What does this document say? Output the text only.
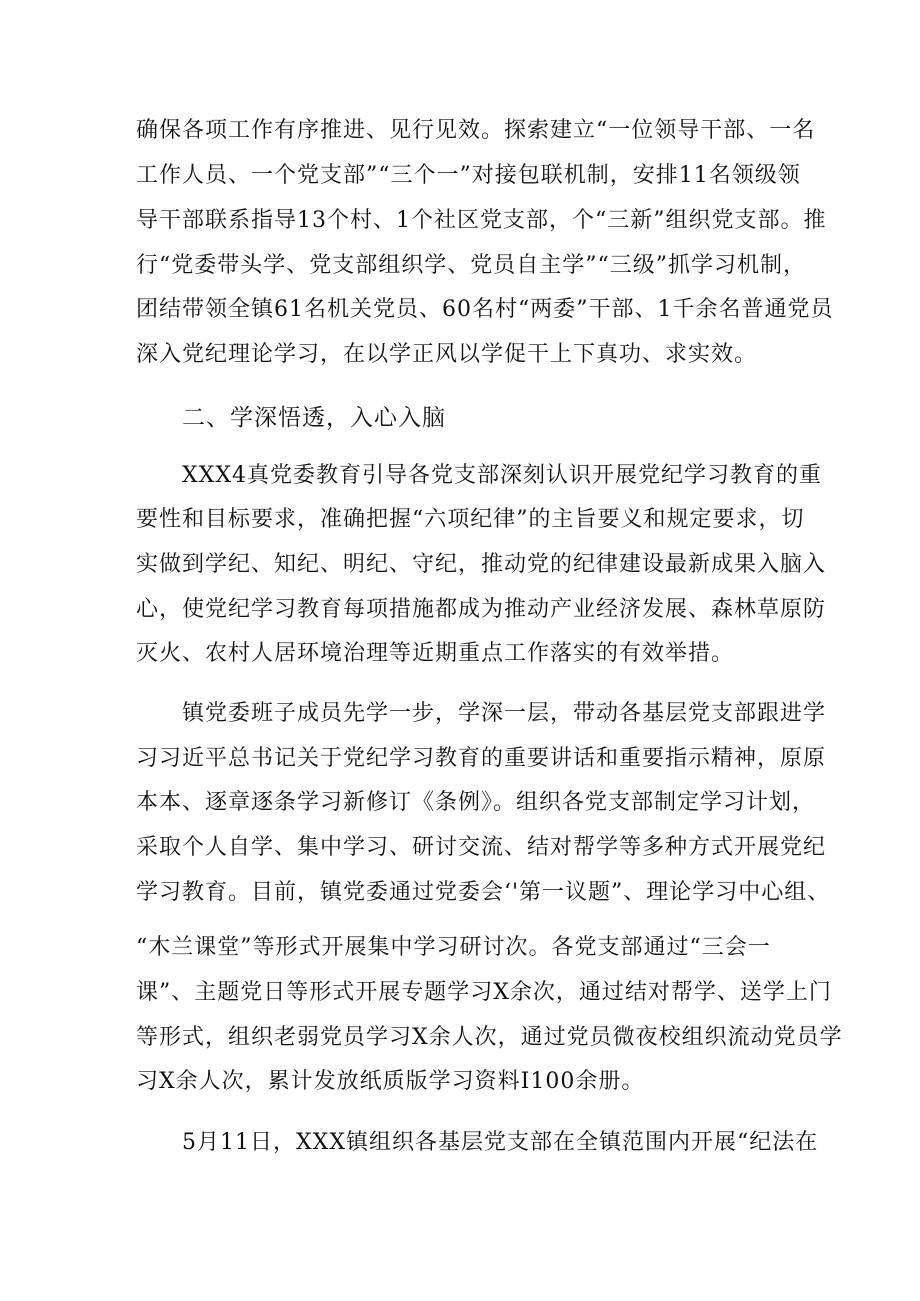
确保各项工作有序推进、见行见效。探索建立“一位领导干部、一名
工作人员、一个党支部”“三个一”对接包联机制，安排11名领级领
导干部联系指导13个村、1个社区党支部，个“三新”组织党支部。推
行“党委带头学、党支部组织学、党员自主学”“三级”抓学习机制，
团结带领全镇61名机关党员、60名村“两委”干部、1千余名普通党员
深入党纪理论学习，在以学正风以学促干上下真功、求实效。
二、学深悟透，入心入脑
XXX4真党委教育引导各党支部深刻认识开展党纪学习教育的重
要性和目标要求，准确把握“六项纪律”的主旨要义和规定要求，切
实做到学纪、知纪、明纪、守纪，推动党的纪律建设最新成果入脑入
心，使党纪学习教育每项措施都成为推动产业经济发展、森林草原防
灭火、农村人居环境治理等近期重点工作落实的有效举措。
镇党委班子成员先学一步，学深一层，带动各基层党支部跟进学
习习近平总书记关于党纪学习教育的重要讲话和重要指示精神，原原
本本、逐章逐条学习新修订《条例》。组织各党支部制定学习计划，
采取个人自学、集中学习、研讨交流、结对帮学等多种方式开展党纪
学习教育。目前，镇党委通过党委会‘'第一议题”、理论学习中心组、
“木兰课堂”等形式开展集中学习研讨次。各党支部通过“三会一
课”、主题党日等形式开展专题学习X余次，通过结对帮学、送学上门
等形式，组织老弱党员学习X余人次，通过党员微夜校组织流动党员学
习X余人次，累计发放纸质版学习资料I100余册。
5月11日，XXX镇组织各基层党支部在全镇范围内开展“纪法在
